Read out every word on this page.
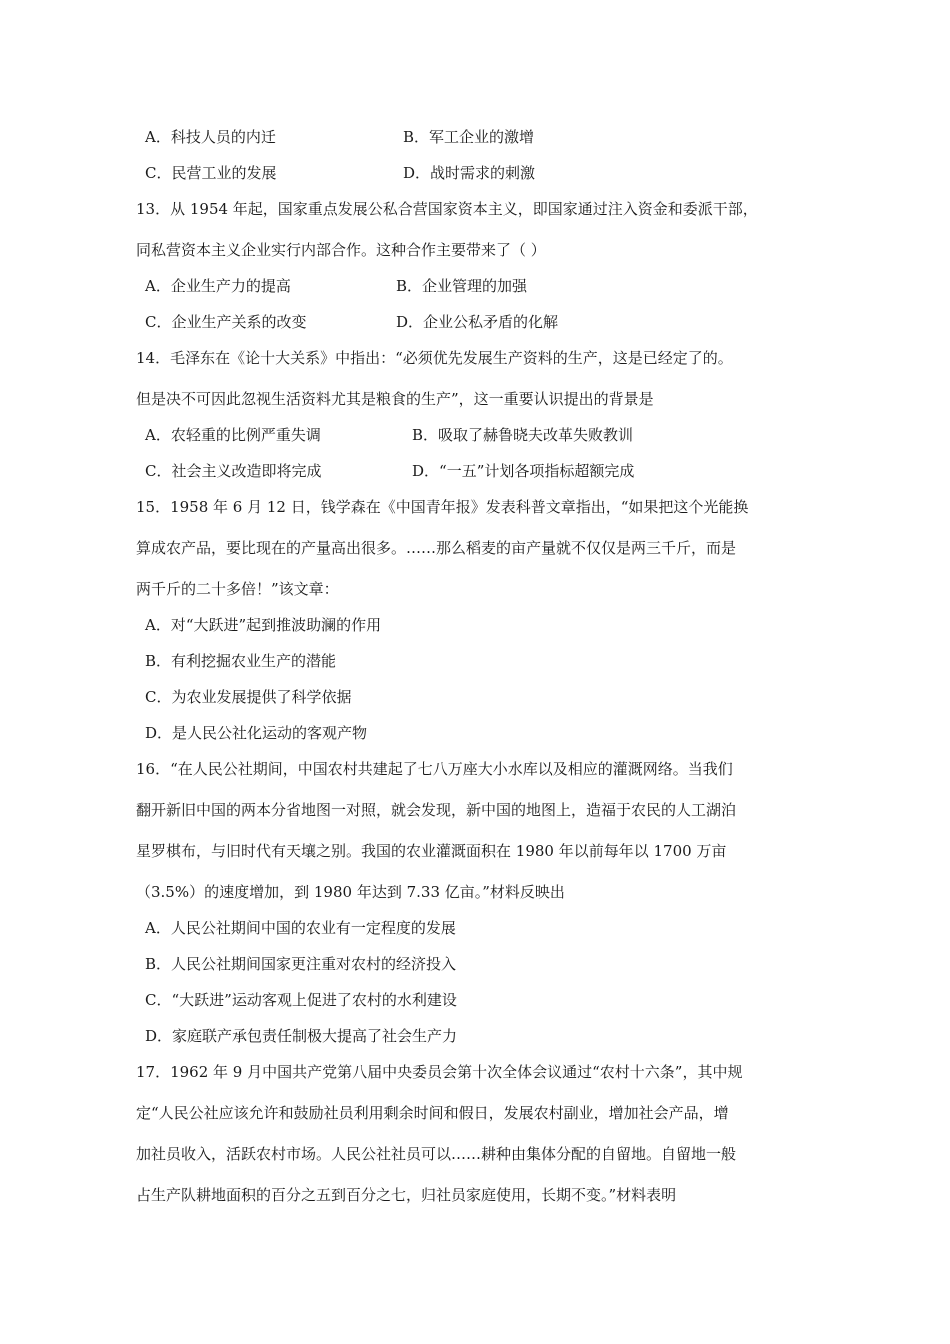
A．科技人员的内迁	B．军工企业的激增
C．民营工业的发展	D．战时需求的刺激
13．从 1954 年起，国家重点发展公私合营国家资本主义，即国家通过注入资金和委派干部，
同私营资本主义企业实行内部合作。这种合作主要带来了（ ）
A．企业生产力的提高	B．企业管理的加强
C．企业生产关系的改变	D．企业公私矛盾的化解
14．毛泽东在《论十大关系》中指出：“必须优先发展生产资料的生产，这是已经定了的。
但是决不可因此忽视生活资料尤其是粮食的生产”，这一重要认识提出的背景是
A．农轻重的比例严重失调	B．吸取了赫鲁晓夫改革失败教训
C．社会主义改造即将完成	D．“一五”计划各项指标超额完成
15．1958 年 6 月 12 日，钱学森在《中国青年报》发表科普文章指出，“如果把这个光能换
算成农产品，要比现在的产量高出很多。……那么稻麦的亩产量就不仅仅是两三千斤，而是
两千斤的二十多倍！”该文章：
A．对“大跃进”起到推波助澜的作用
B．有利挖掘农业生产的潜能
C．为农业发展提供了科学依据
D．是人民公社化运动的客观产物
16．“在人民公社期间，中国农村共建起了七八万座大小水库以及相应的灌溉网络。当我们
翻开新旧中国的两本分省地图一对照，就会发现，新中国的地图上，造福于农民的人工湖泊
星罗棋布，与旧时代有天壤之别。我国的农业灌溉面积在 1980 年以前每年以 1700 万亩
（3.5%）的速度增加，到 1980 年达到 7.33 亿亩。”材料反映出
A．人民公社期间中国的农业有一定程度的发展
B．人民公社期间国家更注重对农村的经济投入
C．“大跃进”运动客观上促进了农村的水利建设
D．家庭联产承包责任制极大提高了社会生产力
17．1962 年 9 月中国共产党第八届中央委员会第十次全体会议通过“农村十六条”，其中规
定“人民公社应该允许和鼓励社员利用剩余时间和假日，发展农村副业，增加社会产品，增
加社员收入，活跃农村市场。人民公社社员可以……耕种由集体分配的自留地。自留地一般
占生产队耕地面积的百分之五到百分之七，归社员家庭使用，长期不变。”材料表明
